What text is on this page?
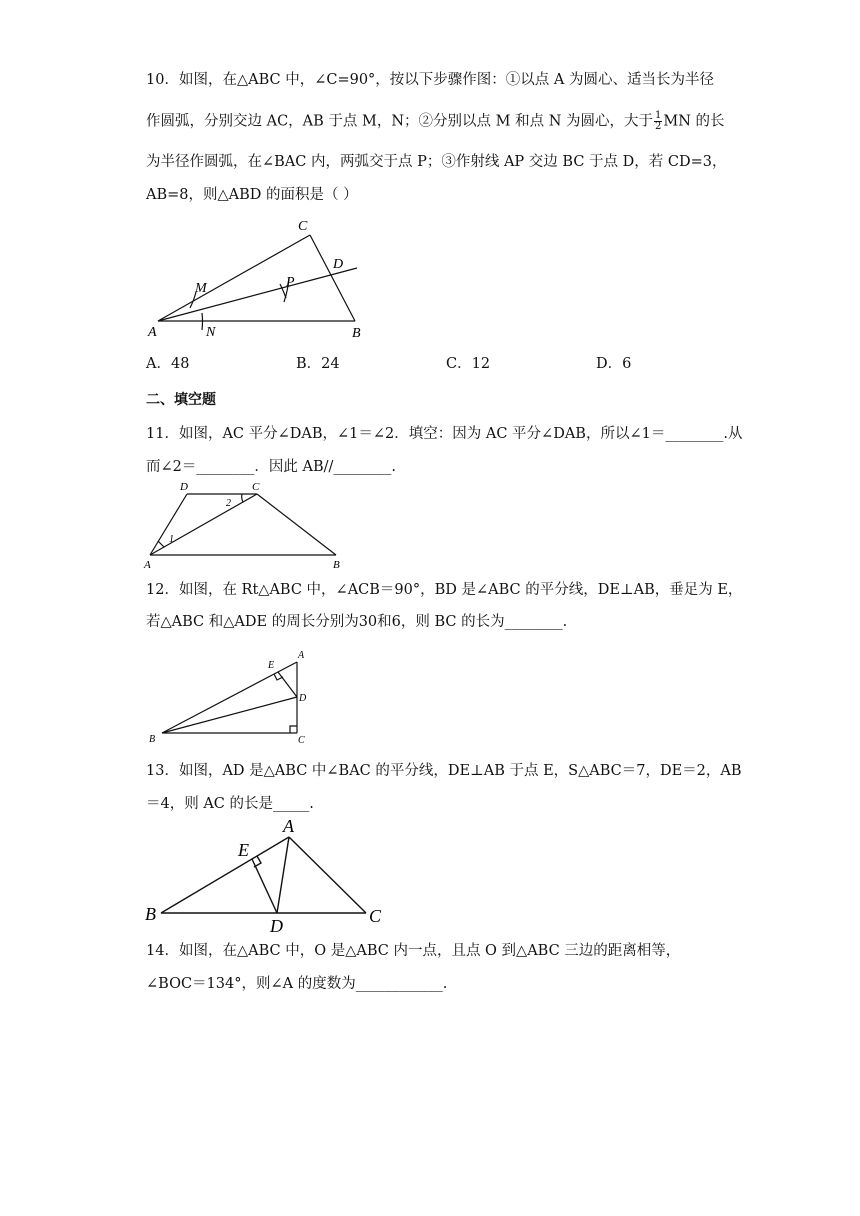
10．如图，在△ABC 中，∠C=90°，按以下步骤作图：①以点 A 为圆心、适当长为半径
作圆弧，分别交边 AC，AB 于点 M，N；②分别以点 M 和点 N 为圆心，大于 $\frac{1}{2}$ MN 的长
为半径作圆弧，在∠BAC 内，两弧交于点 P；③作射线 AP 交边 BC 于点 D，若 CD=3，
AB=8，则△ABD 的面积是（ ）
A	B
C
D
M
N
P
A．48	B．24	C．12	D．6
二、填空题
11．如图，AC 平分∠DAB，∠1＝∠2．填空：因为 AC 平分∠DAB，所以∠1＝________.从
而∠2＝________．因此 AB//________.
A	B
C
D
1
2
12．如图，在 Rt△ABC 中，∠ACB＝90°，BD 是∠ABC 的平分线，DE⊥AB，垂足为 E，
若△ABC 和△ADE 的周长分别为30和6，则 BC 的长为________.
A
B	C
D
E
13．如图，AD 是△ABC 中∠BAC 的平分线，DE⊥AB 于点 E，S△ABC＝7，DE＝2，AB
＝4，则 AC 的长是_____.
A
B	C
D
E
14．如图，在△ABC 中，O 是△ABC 内一点，且点 O 到△ABC 三边的距离相等，
∠BOC＝134°，则∠A 的度数为____________.
